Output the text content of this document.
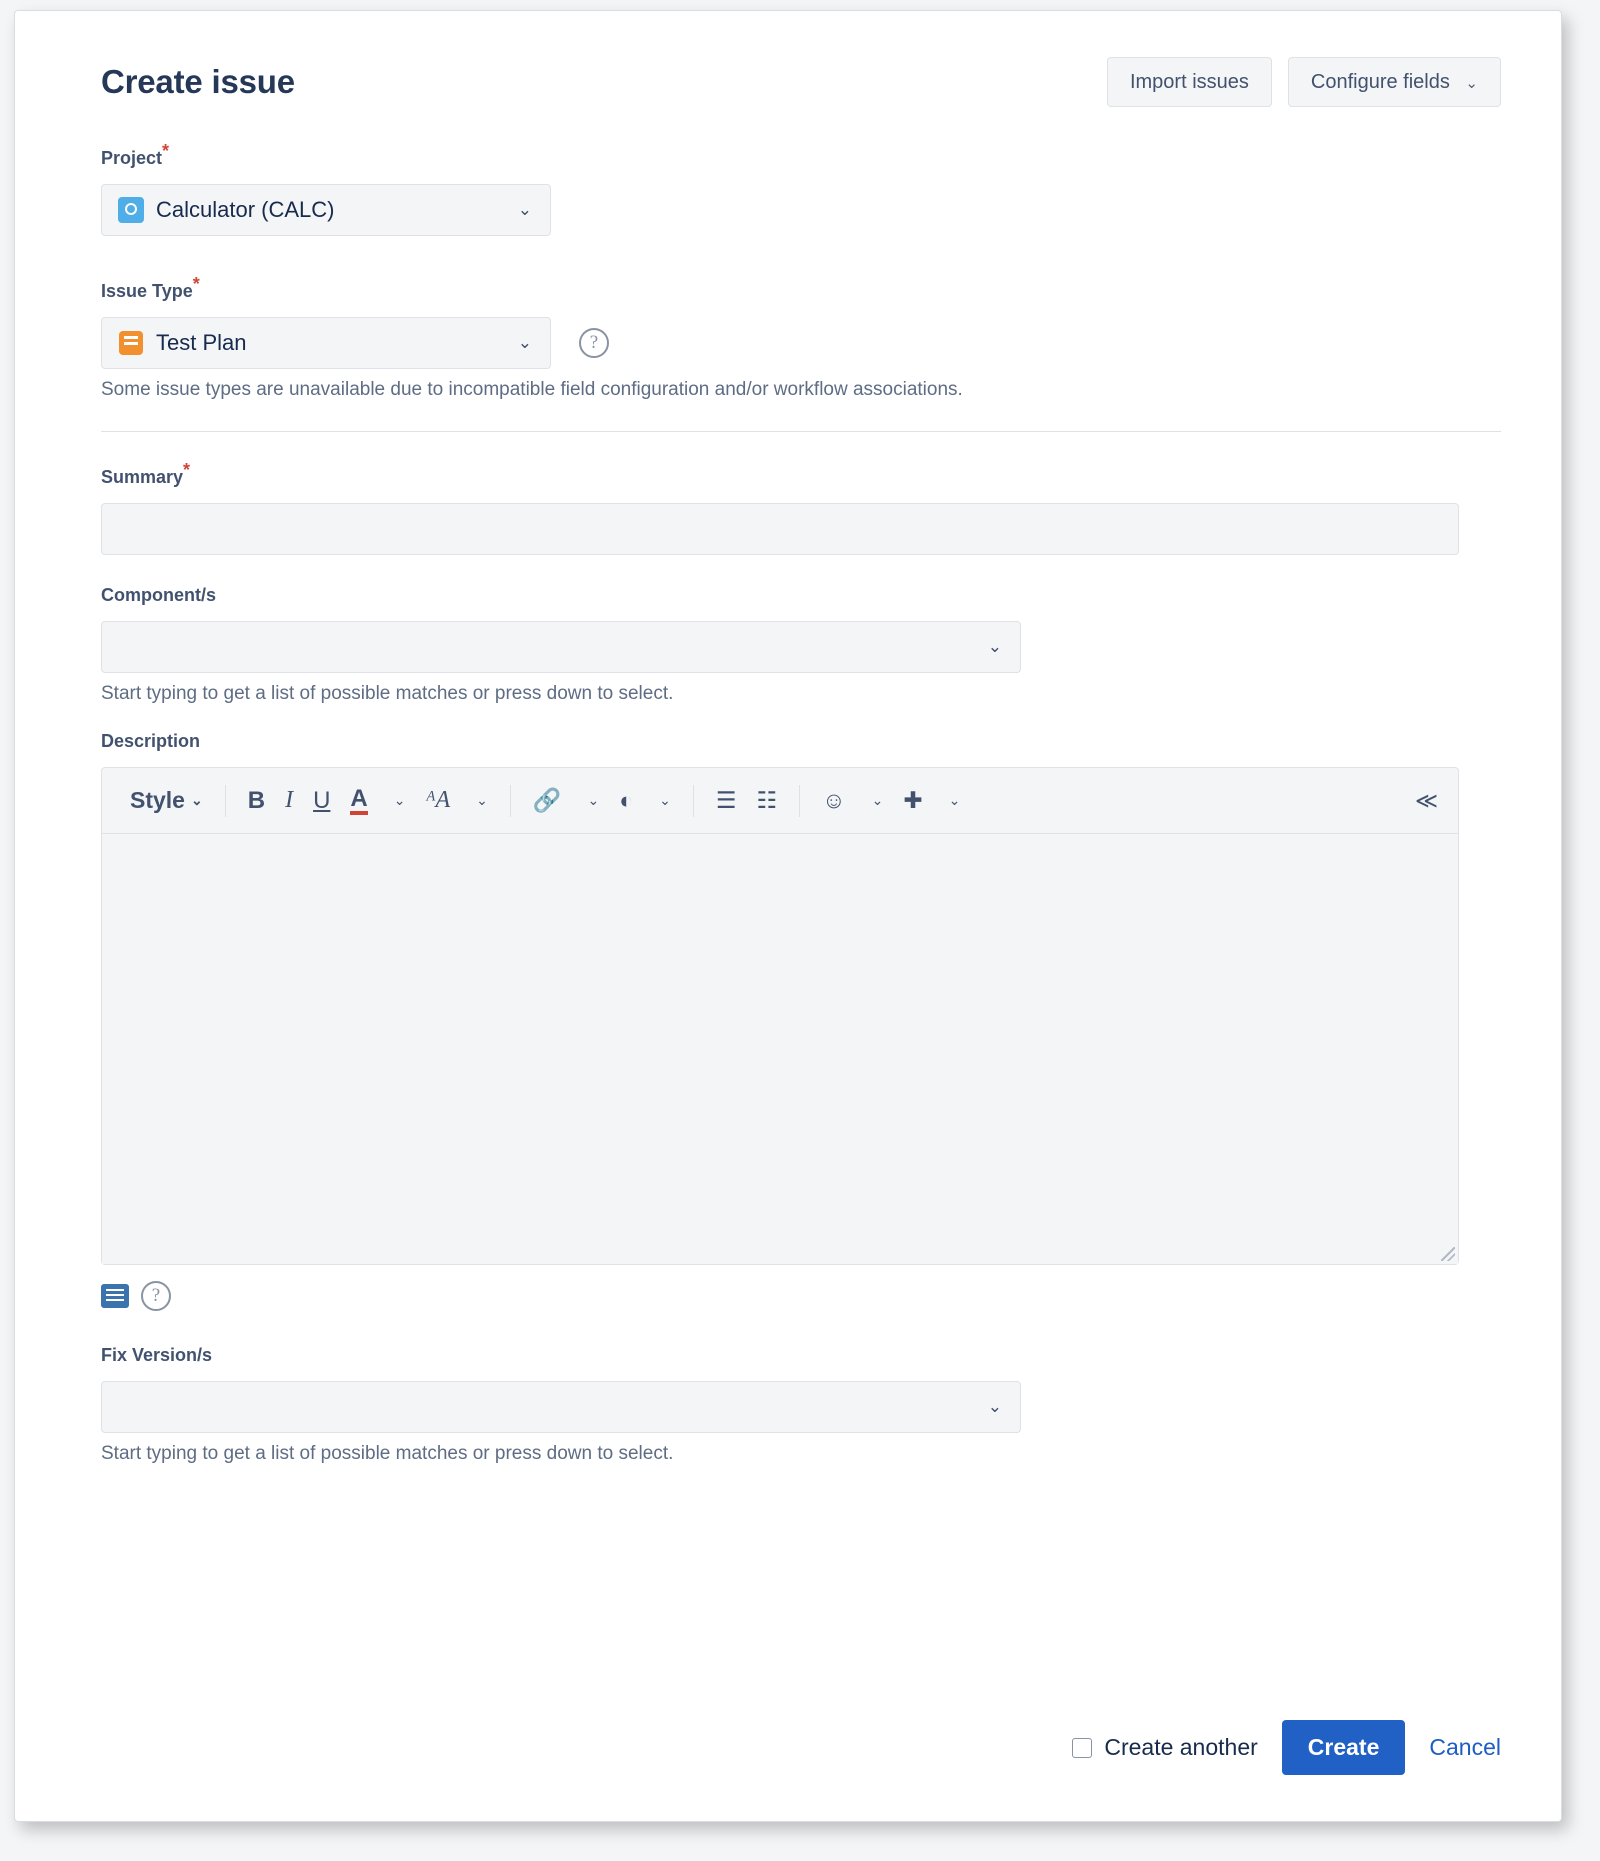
Create issue	Import issues	Configure fields ⌄
Project*
Calculator (CALC)	⌄
Issue Type*
Test Plan	⌄	?
Some issue types are unavailable due to incompatible field configuration and/or workflow associations.
Summary*
Component/s
⌄
Start typing to get a list of possible matches or press down to select.
Description
Style ⌄	B I U A ⌄ ᴬA	⌄	🔗	⌄ ◐	⌄	☰ ☷	☺	⌄ ✚	⌄	≪
?
Fix Version/s
⌄
Start typing to get a list of possible matches or press down to select.
Create another	Create	Cancel
